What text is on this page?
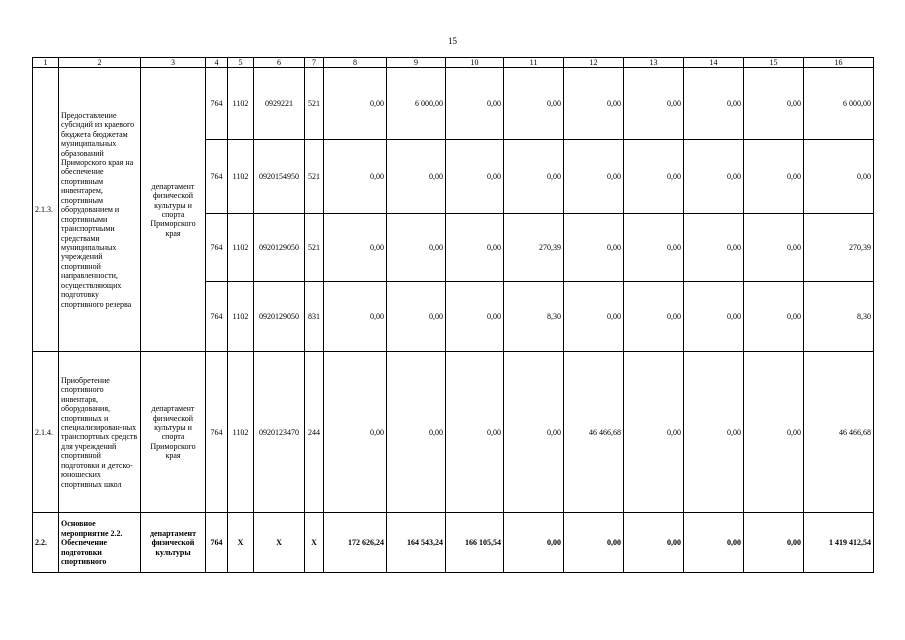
15
1	2	3	4	5	6	7	8	9	10	11	12	13	14	15	16
2.1.3.	Предоставление субсидий из краевого бюджета бюджетам муниципальных образований Приморского края на обеспечение спортивным инвентарем, спортивным оборудованием и спортивными транспортными средствами муниципальных учреждений спортивной направленности, осуществляющих подготовку спортивного резерва	департамент физической культуры и спорта Приморского края	764	1102	0929221	521	0,00	6 000,00	0,00	0,00	0,00	0,00	0,00	0,00	6 000,00
			764	1102	0920154950	521	0,00	0,00	0,00	0,00	0,00	0,00	0,00	0,00	0,00
			764	1102	0920129050	521	0,00	0,00	0,00	270,39	0,00	0,00	0,00	0,00	270,39
			764	1102	0920129050	831	0,00	0,00	0,00	8,30	0,00	0,00	0,00	0,00	8,30
2.1.4.	Приобретение спортивного инвентаря, оборудования, спортивных и специализирован-ных транспортных средств для учреждений спортивной подготовки и детско-юношеских спортивных школ	департамент физической культуры и спорта Приморского края	764	1102	0920123470	244	0,00	0,00	0,00	0,00	46 466,68	0,00	0,00	0,00	46 466,68
2.2.	Основное мероприятие 2.2. Обеспечение подготовки спортивного	департамент физической культуры	764	X	X	X	172 626,24	164 543,24	166 105,54	0,00	0,00	0,00	0,00	0,00	1 419 412,54
